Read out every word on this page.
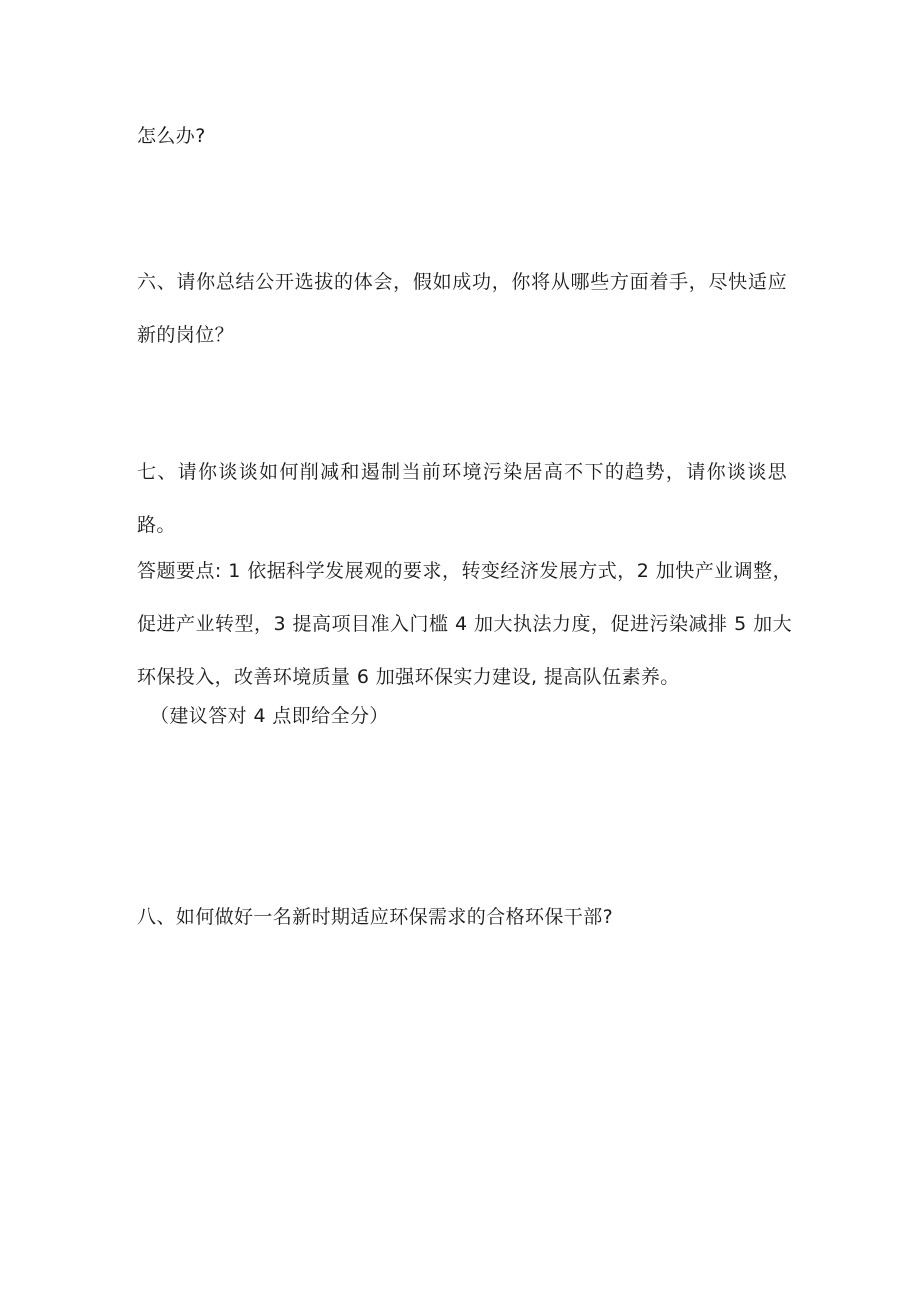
怎么办?

六、请你总结公开选拔的体会，假如成功，你将从哪些方面着手，尽快适应新的岗位？

七、请你谈谈如何削减和遏制当前环境污染居高不下的趋势，请你谈谈思路。

答题要点: 1 依据科学发展观的要求，转变经济发展方式，2 加快产业调整，促进产业转型，3 提高项目准入门槛 4 加大执法力度，促进污染减排 5 加大环保投入，改善环境质量 6 加强环保实力建设, 提高队伍素养。

（建议答对 4 点即给全分）

八、如何做好一名新时期适应环保需求的合格环保干部?
